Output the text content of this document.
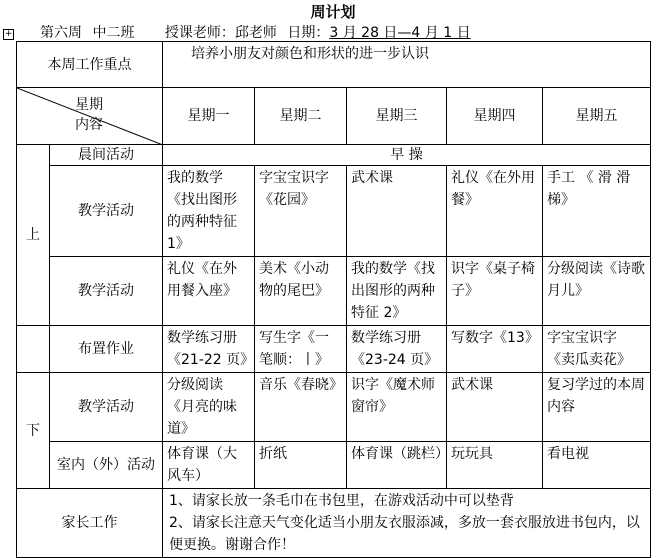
周计划
+ 第六周 中二班 授课老师：邱老师 日期：3 月 28 日—4 月 1 日
本周工作重点		培养小朋友对颜色和形状的进一步认识				

星期
内容		星期一	星期二	星期三	星期四	星期五
上	晨间活动	早 操				
	教学活动	我的数学 《找出图形的两种特征 1》	字宝宝识字 《花园》	武术课	礼仪《在外用餐》	手工 《 滑 滑 梯》
	教学活动	礼仪《在外用餐入座》	美术《小动物的尾巴》	我的数学《找出图形的两种特征 2》	识字《桌子椅子》	分级阅读《诗歌 月儿》
	布置作业	数学练习册 《21-22 页》	写生字《一笔顺：丨》	数学练习册 《23-24 页》	写数字《13》	字宝宝识字 《卖瓜卖花》
下	教学活动	分级阅读《月亮的味道》	音乐《春晓》	识字《魔术师窗帘》	武术课	复习学过的本周内容
	室内（外）活动	体育课（大风车）	折纸	体育课（跳栏）	玩玩具	看电视
家长工作		1、请家长放一条毛巾在书包里，在游戏活动中可以垫背
2、请家长注意天气变化适当小朋友衣服添减，多放一套衣服放进书包内，以便更换。谢谢合作！				
